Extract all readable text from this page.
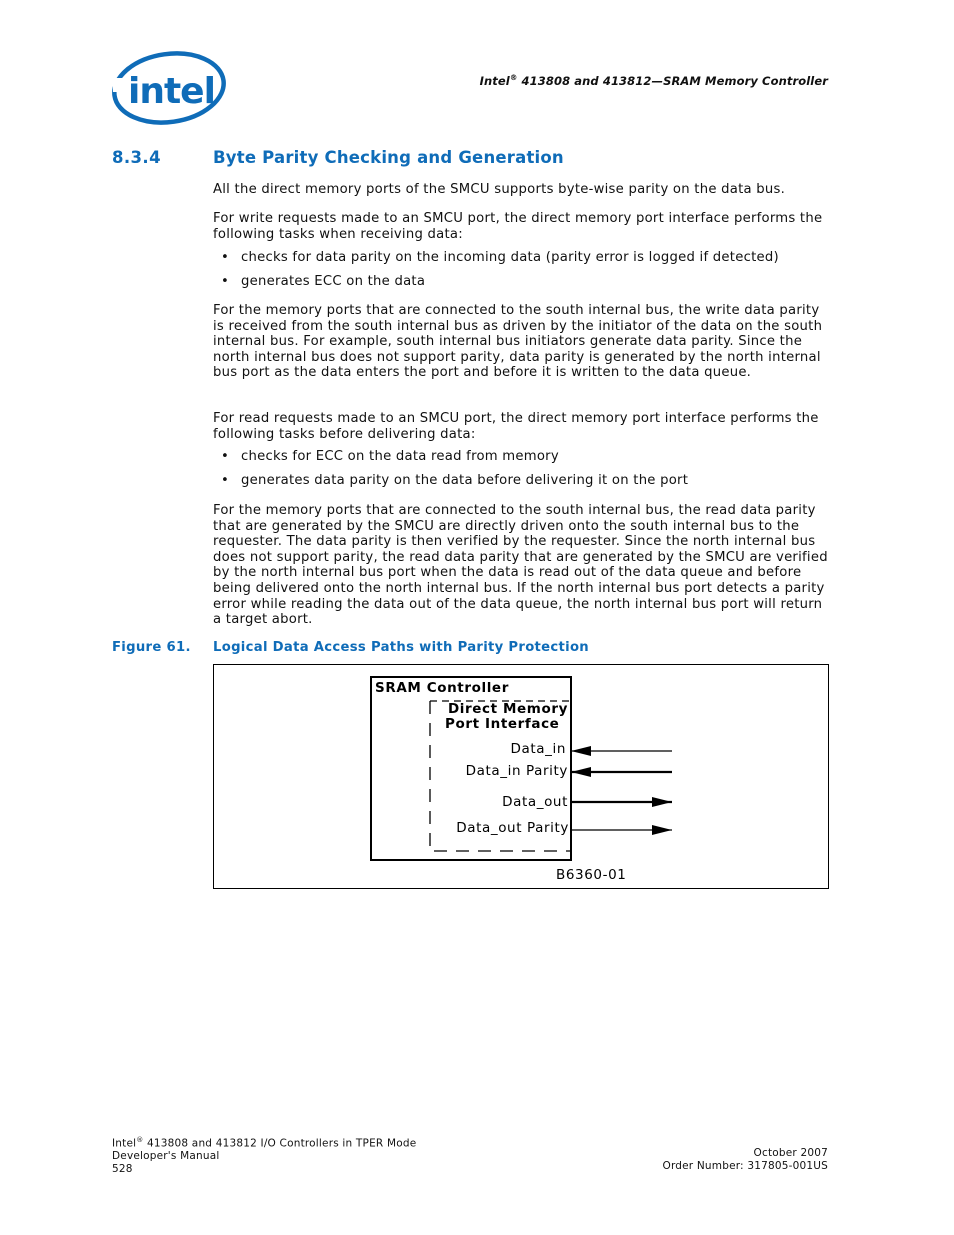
intel	Intel® 413808 and 413812—SRAM Memory Controller
8.3.4	Byte Parity Checking and Generation
All the direct memory ports of the SMCU supports byte-wise parity on the data bus.
For write requests made to an SMCU port, the direct memory port interface performs the following tasks when receiving data:
• checks for data parity on the incoming data (parity error is logged if detected)
• generates ECC on the data
For the memory ports that are connected to the south internal bus, the write data parity is received from the south internal bus as driven by the initiator of the data on the south internal bus. For example, south internal bus initiators generate data parity. Since the north internal bus does not support parity, data parity is generated by the north internal bus port as the data enters the port and before it is written to the data queue.
For read requests made to an SMCU port, the direct memory port interface performs the following tasks before delivering data:
• checks for ECC on the data read from memory
• generates data parity on the data before delivering it on the port
For the memory ports that are connected to the south internal bus, the read data parity that are generated by the SMCU are directly driven onto the south internal bus to the requester. The data parity is then verified by the requester. Since the north internal bus does not support parity, the read data parity that are generated by the SMCU are verified by the north internal bus port when the data is read out of the data queue and before being delivered onto the north internal bus. If the north internal bus port detects a parity error while reading the data out of the data queue, the north internal bus port will return a target abort.
Figure 61. Logical Data Access Paths with Parity Protection
SRAM Controller
Direct Memory
Port Interface
Data_in
Data_in Parity
Data_out
Data_out Parity
B6360-01
Intel® 413808 and 413812 I/O Controllers in TPER Mode
Developer's Manual
528
October 2007
Order Number: 317805-001US
